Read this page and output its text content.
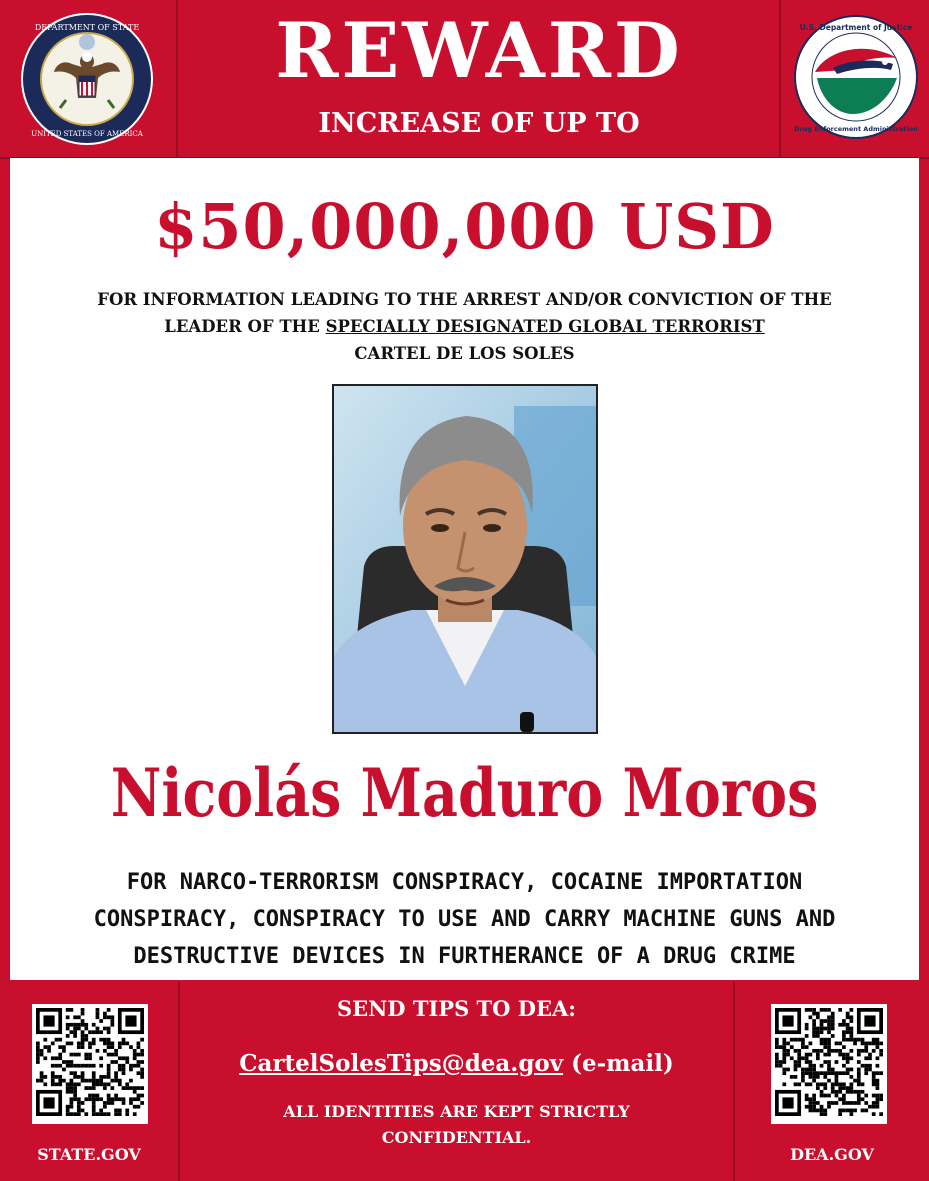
DEPARTMENT OF STATE
UNITED STATES OF AMERICA
REWARD
INCREASE OF UP TO
U.S. Department of Justice
Drug Enforcement Administration
$50,000,000 USD
FOR INFORMATION LEADING TO THE ARREST AND/OR CONVICTION OF THE
LEADER OF THE SPECIALLY DESIGNATED GLOBAL TERRORIST
CARTEL DE LOS SOLES
Nicolás Maduro Moros
FOR NARCO-TERRORISM CONSPIRACY, COCAINE IMPORTATION
CONSPIRACY, CONSPIRACY TO USE AND CARRY MACHINE GUNS AND
DESTRUCTIVE DEVICES IN FURTHERANCE OF A DRUG CRIME
STATE.GOV
SEND TIPS TO DEA:
CartelSolesTips@dea.gov (e-mail)
ALL IDENTITIES ARE KEPT STRICTLY
CONFIDENTIAL.
DEA.GOV
